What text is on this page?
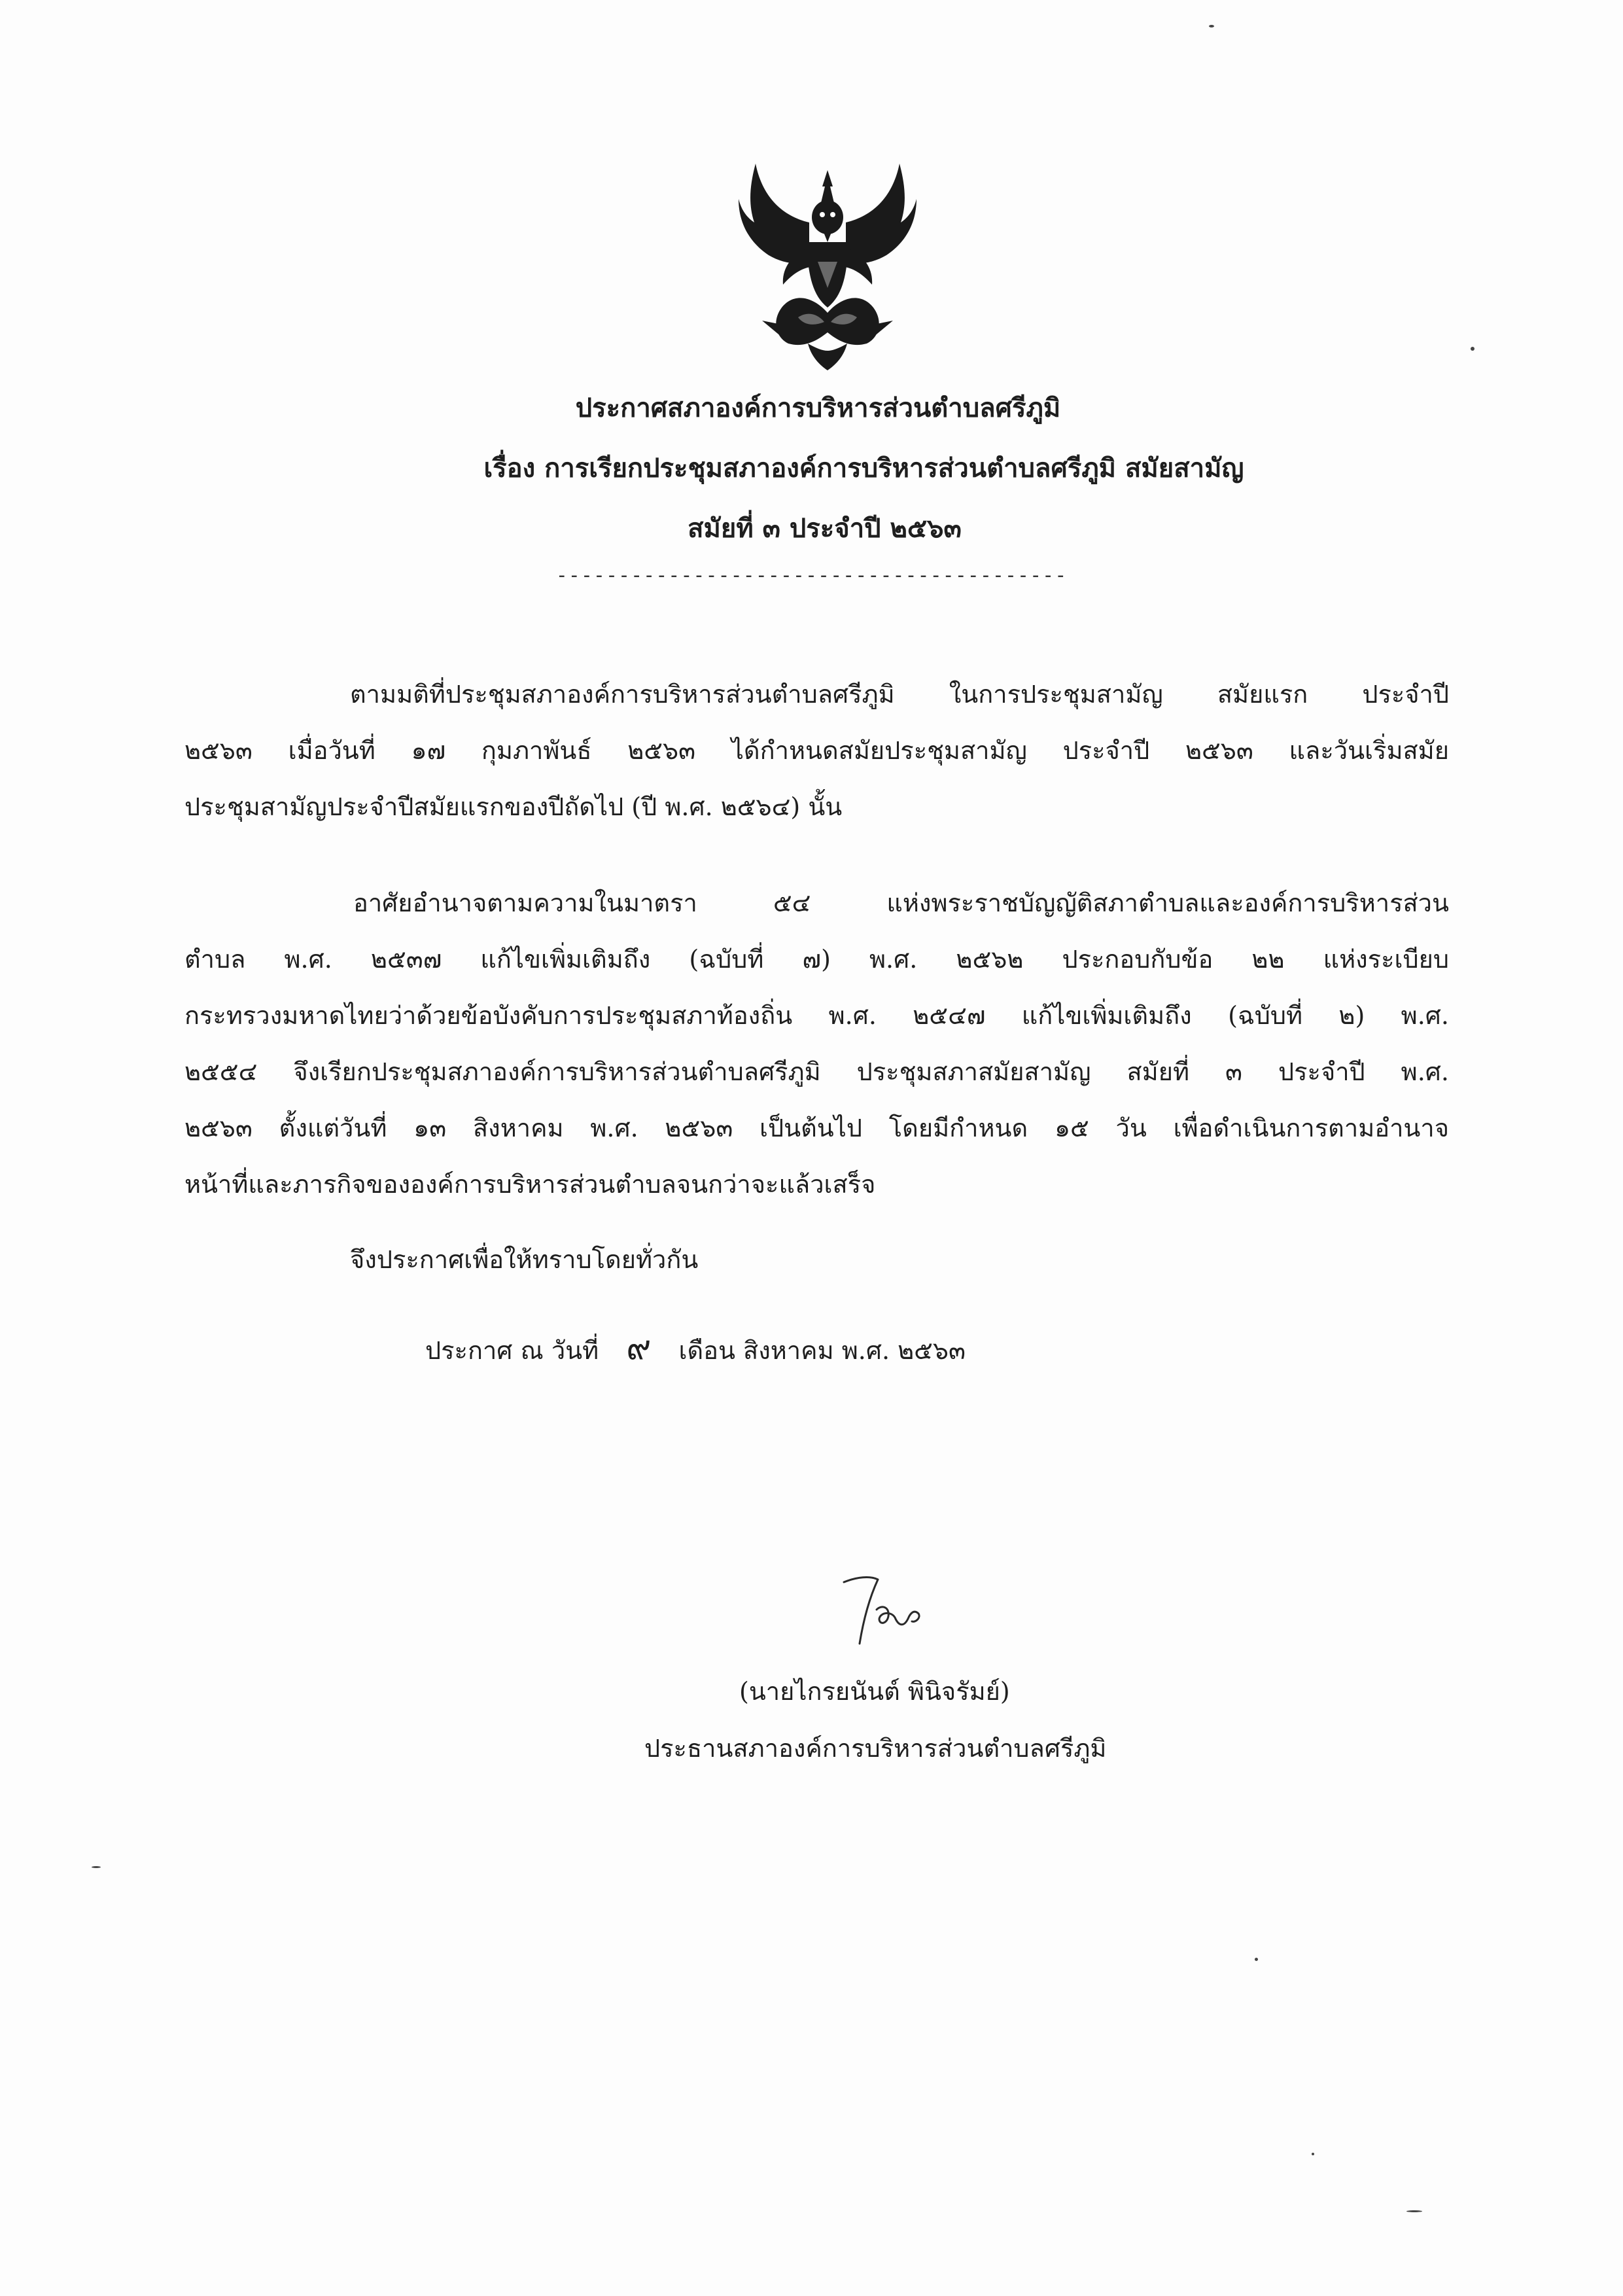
ประกาศสภาองค์การบริหารส่วนตำบลศรีภูมิ
เรื่อง การเรียกประชุมสภาองค์การบริหารส่วนตำบลศรีภูมิ สมัยสามัญ
สมัยที่ ๓ ประจำปี ๒๕๖๓
-----------------------------------------
ตามมติที่ประชุมสภาองค์การบริหารส่วนตำบลศรีภูมิ ในการประชุมสามัญ สมัยแรก ประจำปี
๒๕๖๓ เมื่อวันที่ ๑๗ กุมภาพันธ์ ๒๕๖๓ ได้กำหนดสมัยประชุมสามัญ ประจำปี ๒๕๖๓ และวันเริ่มสมัย
ประชุมสามัญประจำปีสมัยแรกของปีถัดไป (ปี พ.ศ. ๒๕๖๔) นั้น
อาศัยอำนาจตามความในมาตรา ๕๔ แห่งพระราชบัญญัติสภาตำบลและองค์การบริหารส่วน
ตำบล พ.ศ. ๒๕๓๗ แก้ไขเพิ่มเติมถึง (ฉบับที่ ๗) พ.ศ. ๒๕๖๒ ประกอบกับข้อ ๒๒ แห่งระเบียบ
กระทรวงมหาดไทยว่าด้วยข้อบังคับการประชุมสภาท้องถิ่น พ.ศ. ๒๕๔๗ แก้ไขเพิ่มเติมถึง (ฉบับที่ ๒) พ.ศ.
๒๕๕๔ จึงเรียกประชุมสภาองค์การบริหารส่วนตำบลศรีภูมิ ประชุมสภาสมัยสามัญ สมัยที่ ๓ ประจำปี พ.ศ.
๒๕๖๓ ตั้งแต่วันที่ ๑๓ สิงหาคม พ.ศ. ๒๕๖๓ เป็นต้นไป โดยมีกำหนด ๑๕ วัน เพื่อดำเนินการตามอำนาจ
หน้าที่และภารกิจขององค์การบริหารส่วนตำบลจนกว่าจะแล้วเสร็จ
จึงประกาศเพื่อให้ทราบโดยทั่วกัน
ประกาศ ณ วันที่ ๙ เดือน สิงหาคม พ.ศ. ๒๕๖๓
(นายไกรยนันต์ พินิจรัมย์)
ประธานสภาองค์การบริหารส่วนตำบลศรีภูมิ
